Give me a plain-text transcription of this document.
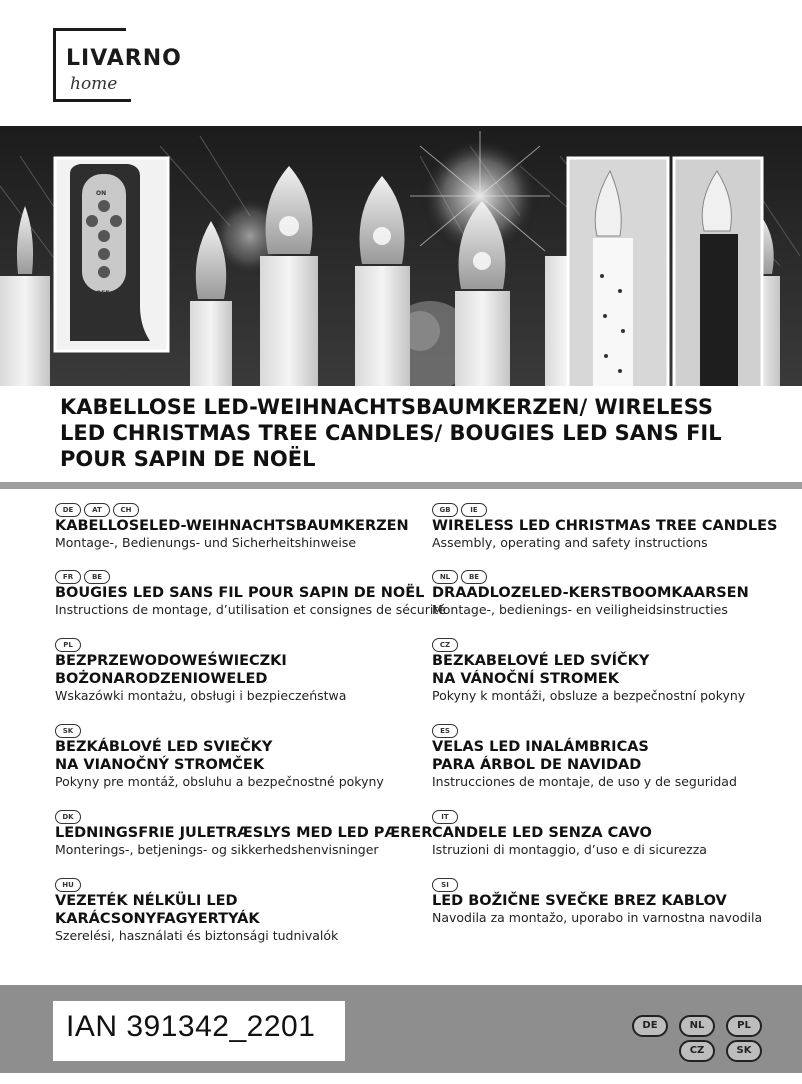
LIVARNO
home
KABELLOSE LED-WEIHNACHTSBAUMKERZEN/ WIRELESS LED CHRISTMAS TREE CANDLES/ BOUGIES LED SANS FIL POUR SAPIN DE NOËL
DE	AT	CH
KABELLOSELED-WEIHNACHTSBAUMKERZEN
Montage-, Bedienungs- und Sicherheitshinweise
GB	IE
WIRELESS LED CHRISTMAS TREE CANDLES
Assembly, operating and safety instructions
FR	BE
BOUGIES LED SANS FIL POUR SAPIN DE NOËL
Instructions de montage, d’utilisation et consignes de sécurité
NL	BE
DRAADLOZELED-KERSTBOOMKAARSEN
Montage-, bedienings- en veiligheidsinstructies
PL
BEZPRZEWODOWEŚWIECZKI
BOŻONARODZENIOWELED
Wskazówki montażu, obsługi i bezpieczeństwa
CZ
BEZKABELOVÉ LED SVÍČKY
NA VÁNOČNÍ STROMEK
Pokyny k montáži, obsluze a bezpečnostní pokyny
SK
BEZKÁBLOVÉ LED SVIEČKY
NA VIANOČNÝ STROMČEK
Pokyny pre montáž, obsluhu a bezpečnostné pokyny
ES
VELAS LED INALÁMBRICAS
PARA ÁRBOL DE NAVIDAD
Instrucciones de montaje, de uso y de seguridad
DK
LEDNINGSFRIE JULETRÆSLYS MED LED PÆRER
Monterings-, betjenings- og sikkerhedshenvisninger
IT
CANDELE LED SENZA CAVO
Istruzioni di montaggio, d’uso e di sicurezza
HU
VEZETÉK NÉLKÜLI LED
KARÁCSONYFAGYERTYÁK
Szerelési, használati és biztonsági tudnivalók
SI
LED BOŽIČNE SVEČKE BREZ KABLOV
Navodila za montažo, uporabo in varnostna navodila
IAN 391342_2201	DE	NL	PL
CZ	SK
ON
OFF
